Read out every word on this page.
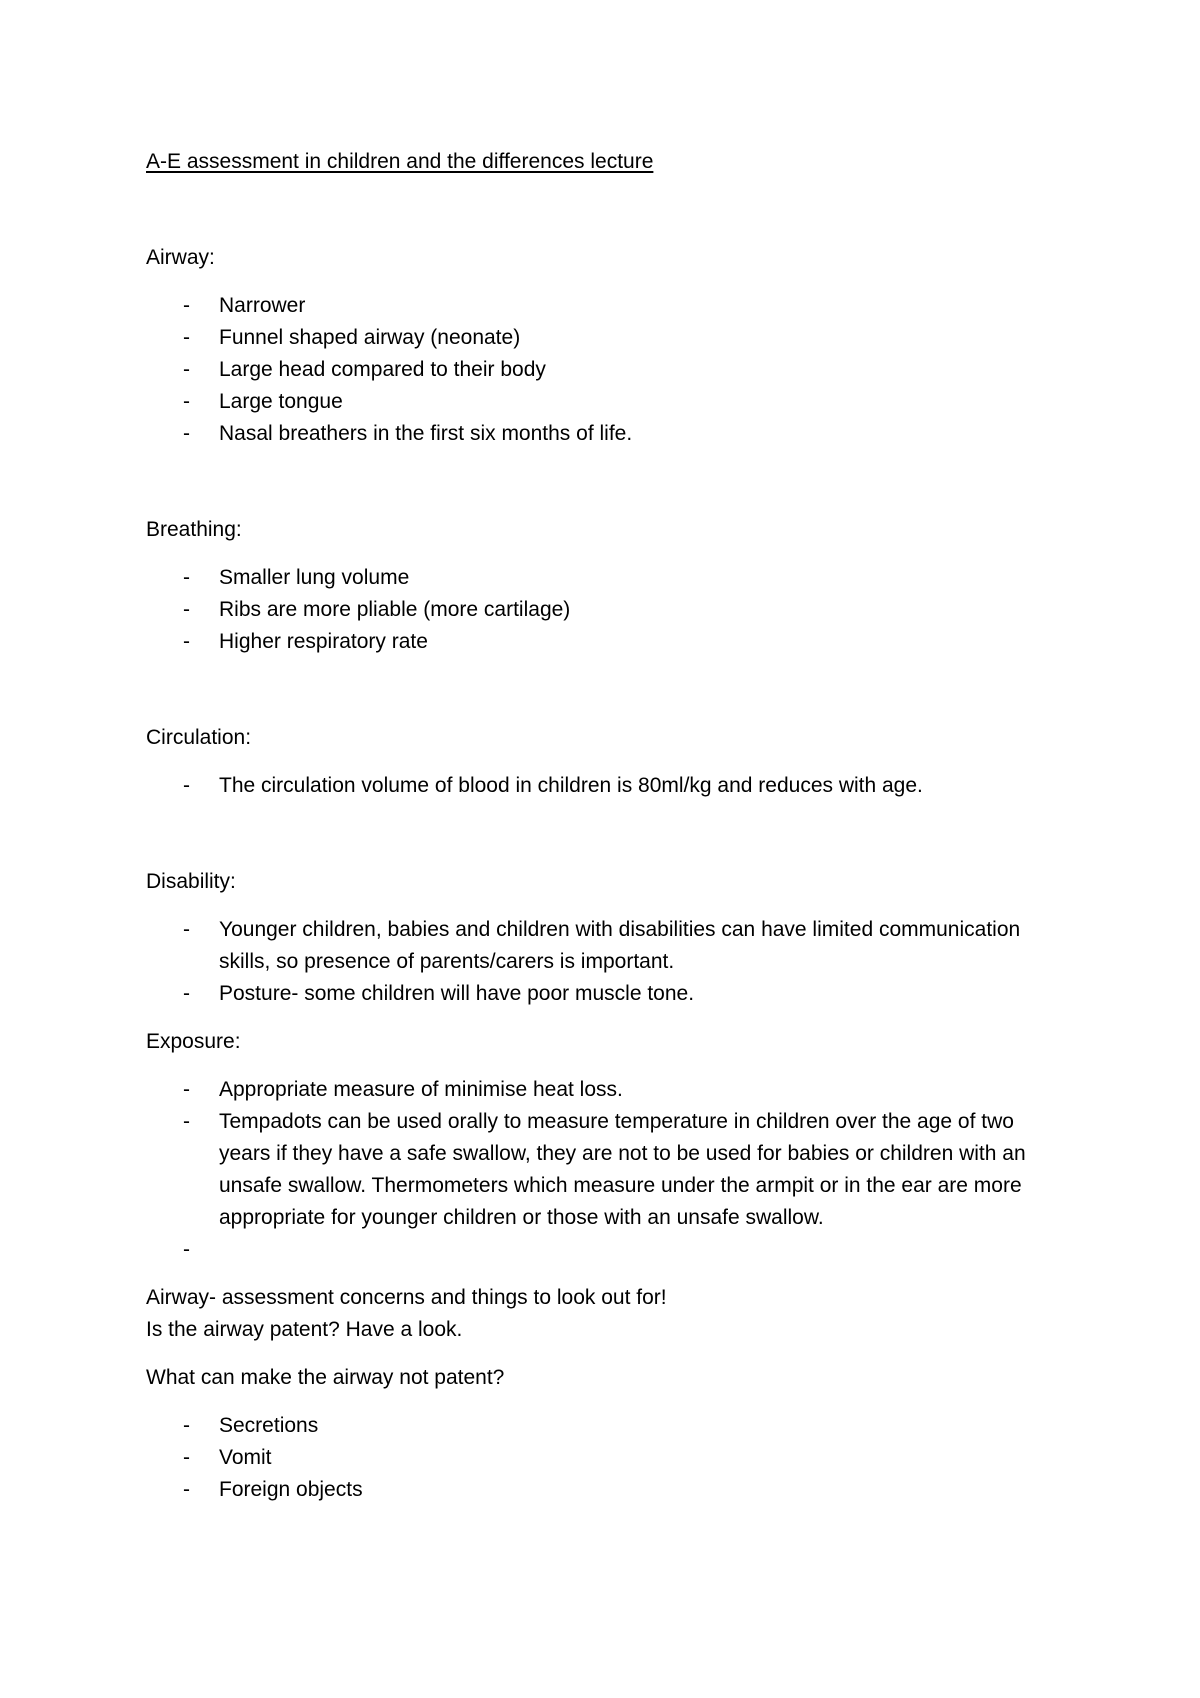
A-E assessment in children and the differences lecture

Airway:

- Narrower
- Funnel shaped airway (neonate)
- Large head compared to their body
- Large tongue
- Nasal breathers in the first six months of life.

Breathing:

- Smaller lung volume
- Ribs are more pliable (more cartilage)
- Higher respiratory rate

Circulation:

- The circulation volume of blood in children is 80ml/kg and reduces with age.

Disability:

- Younger children, babies and children with disabilities can have limited communication skills, so presence of parents/carers is important.
- Posture- some children will have poor muscle tone.

Exposure:

- Appropriate measure of minimise heat loss.
- Tempadots can be used orally to measure temperature in children over the age of two years if they have a safe swallow, they are not to be used for babies or children with an unsafe swallow. Thermometers which measure under the armpit or in the ear are more appropriate for younger children or those with an unsafe swallow.
-

Airway- assessment concerns and things to look out for!

Is the airway patent? Have a look.

What can make the airway not patent?

- Secretions
- Vomit
- Foreign objects
